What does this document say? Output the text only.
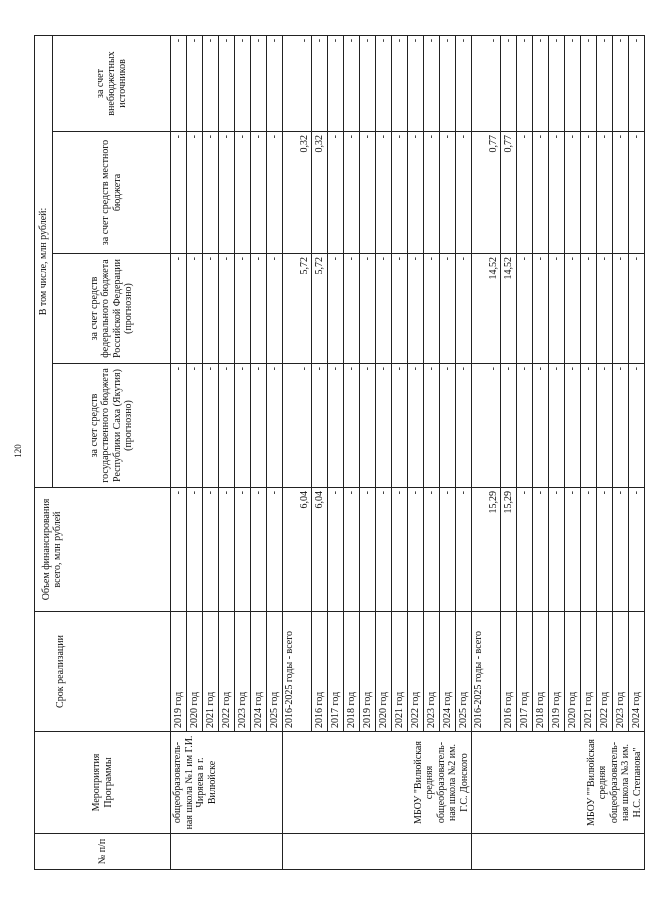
120
№ п/п	Мероприятия Программы	Срок реализации	Объем финансирования всего, млн рублей	В том числе, млн рублей:			
				за счет средств государственного бюджета Республики Саха (Якутия) (прогнозно)	за счет средств федерального бюджета Российской Федерации (прогнозно)	за счет средств местного бюджета	за счет внебюджетных источников
	общеобразователь-ная школа №1 им Г.И. Чиряева в г. Вилюйске	2019 год	-	-	-	-	-
		2020 год	-	-	-	-	-
		2021 год	-	-	-	-	-
		2022 год	-	-	-	-	-
		2023 год	-	-	-	-	-
		2024 год	-	-	-	-	-
		2025 год	-	-	-	-	-
	МБОУ "Вилюйская средняя общеобразователь-ная школа №2 им. Г.С. Донского	2016-2025 годы - всего	6,04	-	5,72	0,32	-
		2016 год	6,04	-	5,72	0,32	-
		2017 год	-	-	-	-	-
		2018 год	-	-	-	-	-
		2019 год	-	-	-	-	-
		2020 год	-	-	-	-	-
		2021 год	-	-	-	-	-
		2022 год	-	-	-	-	-
		2023 год	-	-	-	-	-
		2024 год	-	-	-	-	-
		2025 год	-	-	-	-	-
	МБОУ ""Вилюйская средняя общеобразователь-ная школа №3 им. Н.С. Степанова"	2016-2025 годы - всего	15,29	-	14,52	0,77	-
		2016 год	15,29	-	14,52	0,77	-
		2017 год	-	-	-	-	-
		2018 год	-	-	-	-	-
		2019 год	-	-	-	-	-
		2020 год	-	-	-	-	-
		2021 год	-	-	-	-	-
		2022 год	-	-	-	-	-
		2023 год	-	-	-	-	-
		2024 год	-	-	-	-	-
